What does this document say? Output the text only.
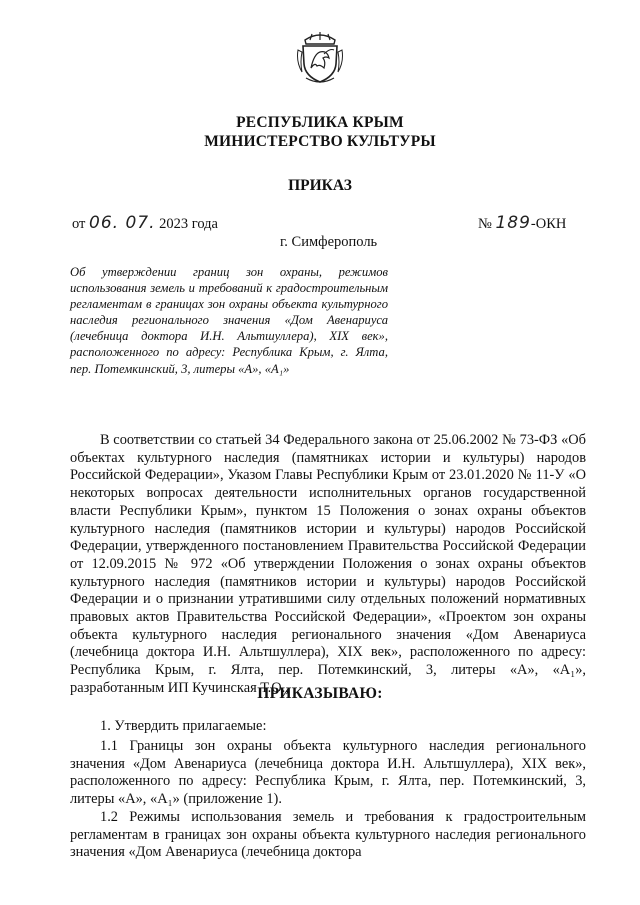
РЕСПУБЛИКА КРЫМ
МИНИСТЕРСТВО КУЛЬТУРЫ
ПРИКАЗ
от 06. 07. 2023 года	№ 189-ОКН
г. Симферополь
Об утверждении границ зон охраны, режимов использования земель и требований к градостроительным регламентам в границах зон охраны объекта культурного наследия регионального значения «Дом Авенариуса (лечебница доктора И.Н. Альтшуллера), XIX век», расположенного по адресу: Республика Крым, г. Ялта, пер. Потемкинский, 3, литеры «А», «А₁»
В соответствии со статьей 34 Федерального закона от 25.06.2002 № 73-ФЗ «Об объектах культурного наследия (памятниках истории и культуры) народов Российской Федерации», Указом Главы Республики Крым от 23.01.2020 № 11-У «О некоторых вопросах деятельности исполнительных органов государственной власти Республики Крым», пунктом 15 Положения о зонах охраны объектов культурного наследия (памятников истории и культуры) народов Российской Федерации, утвержденного постановлением Правительства Российской Федерации от 12.09.2015 № 972 «Об утверждении Положения о зонах охраны объектов культурного наследия (памятников истории и культуры) народов Российской Федерации и о признании утратившими силу отдельных положений нормативных правовых актов Правительства Российской Федерации», «Проектом зон охраны объекта культурного наследия регионального значения «Дом Авенариуса (лечебница доктора И.Н. Альтшуллера), XIX век», расположенного по адресу: Республика Крым, г. Ялта, пер. Потемкинский, 3, литеры «А», «А₁», разработанным ИП Кучинская Т.О.,
ПРИКАЗЫВАЮ:
1. Утвердить прилагаемые:
1.1 Границы зон охраны объекта культурного наследия регионального значения «Дом Авенариуса (лечебница доктора И.Н. Альтшуллера), XIX век», расположенного по адресу: Республика Крым, г. Ялта, пер. Потемкинский, 3, литеры «А», «А₁» (приложение 1).
1.2 Режимы использования земель и требования к градостроительным регламентам в границах зон охраны объекта культурного наследия регионального значения «Дом Авенариуса (лечебница доктора
